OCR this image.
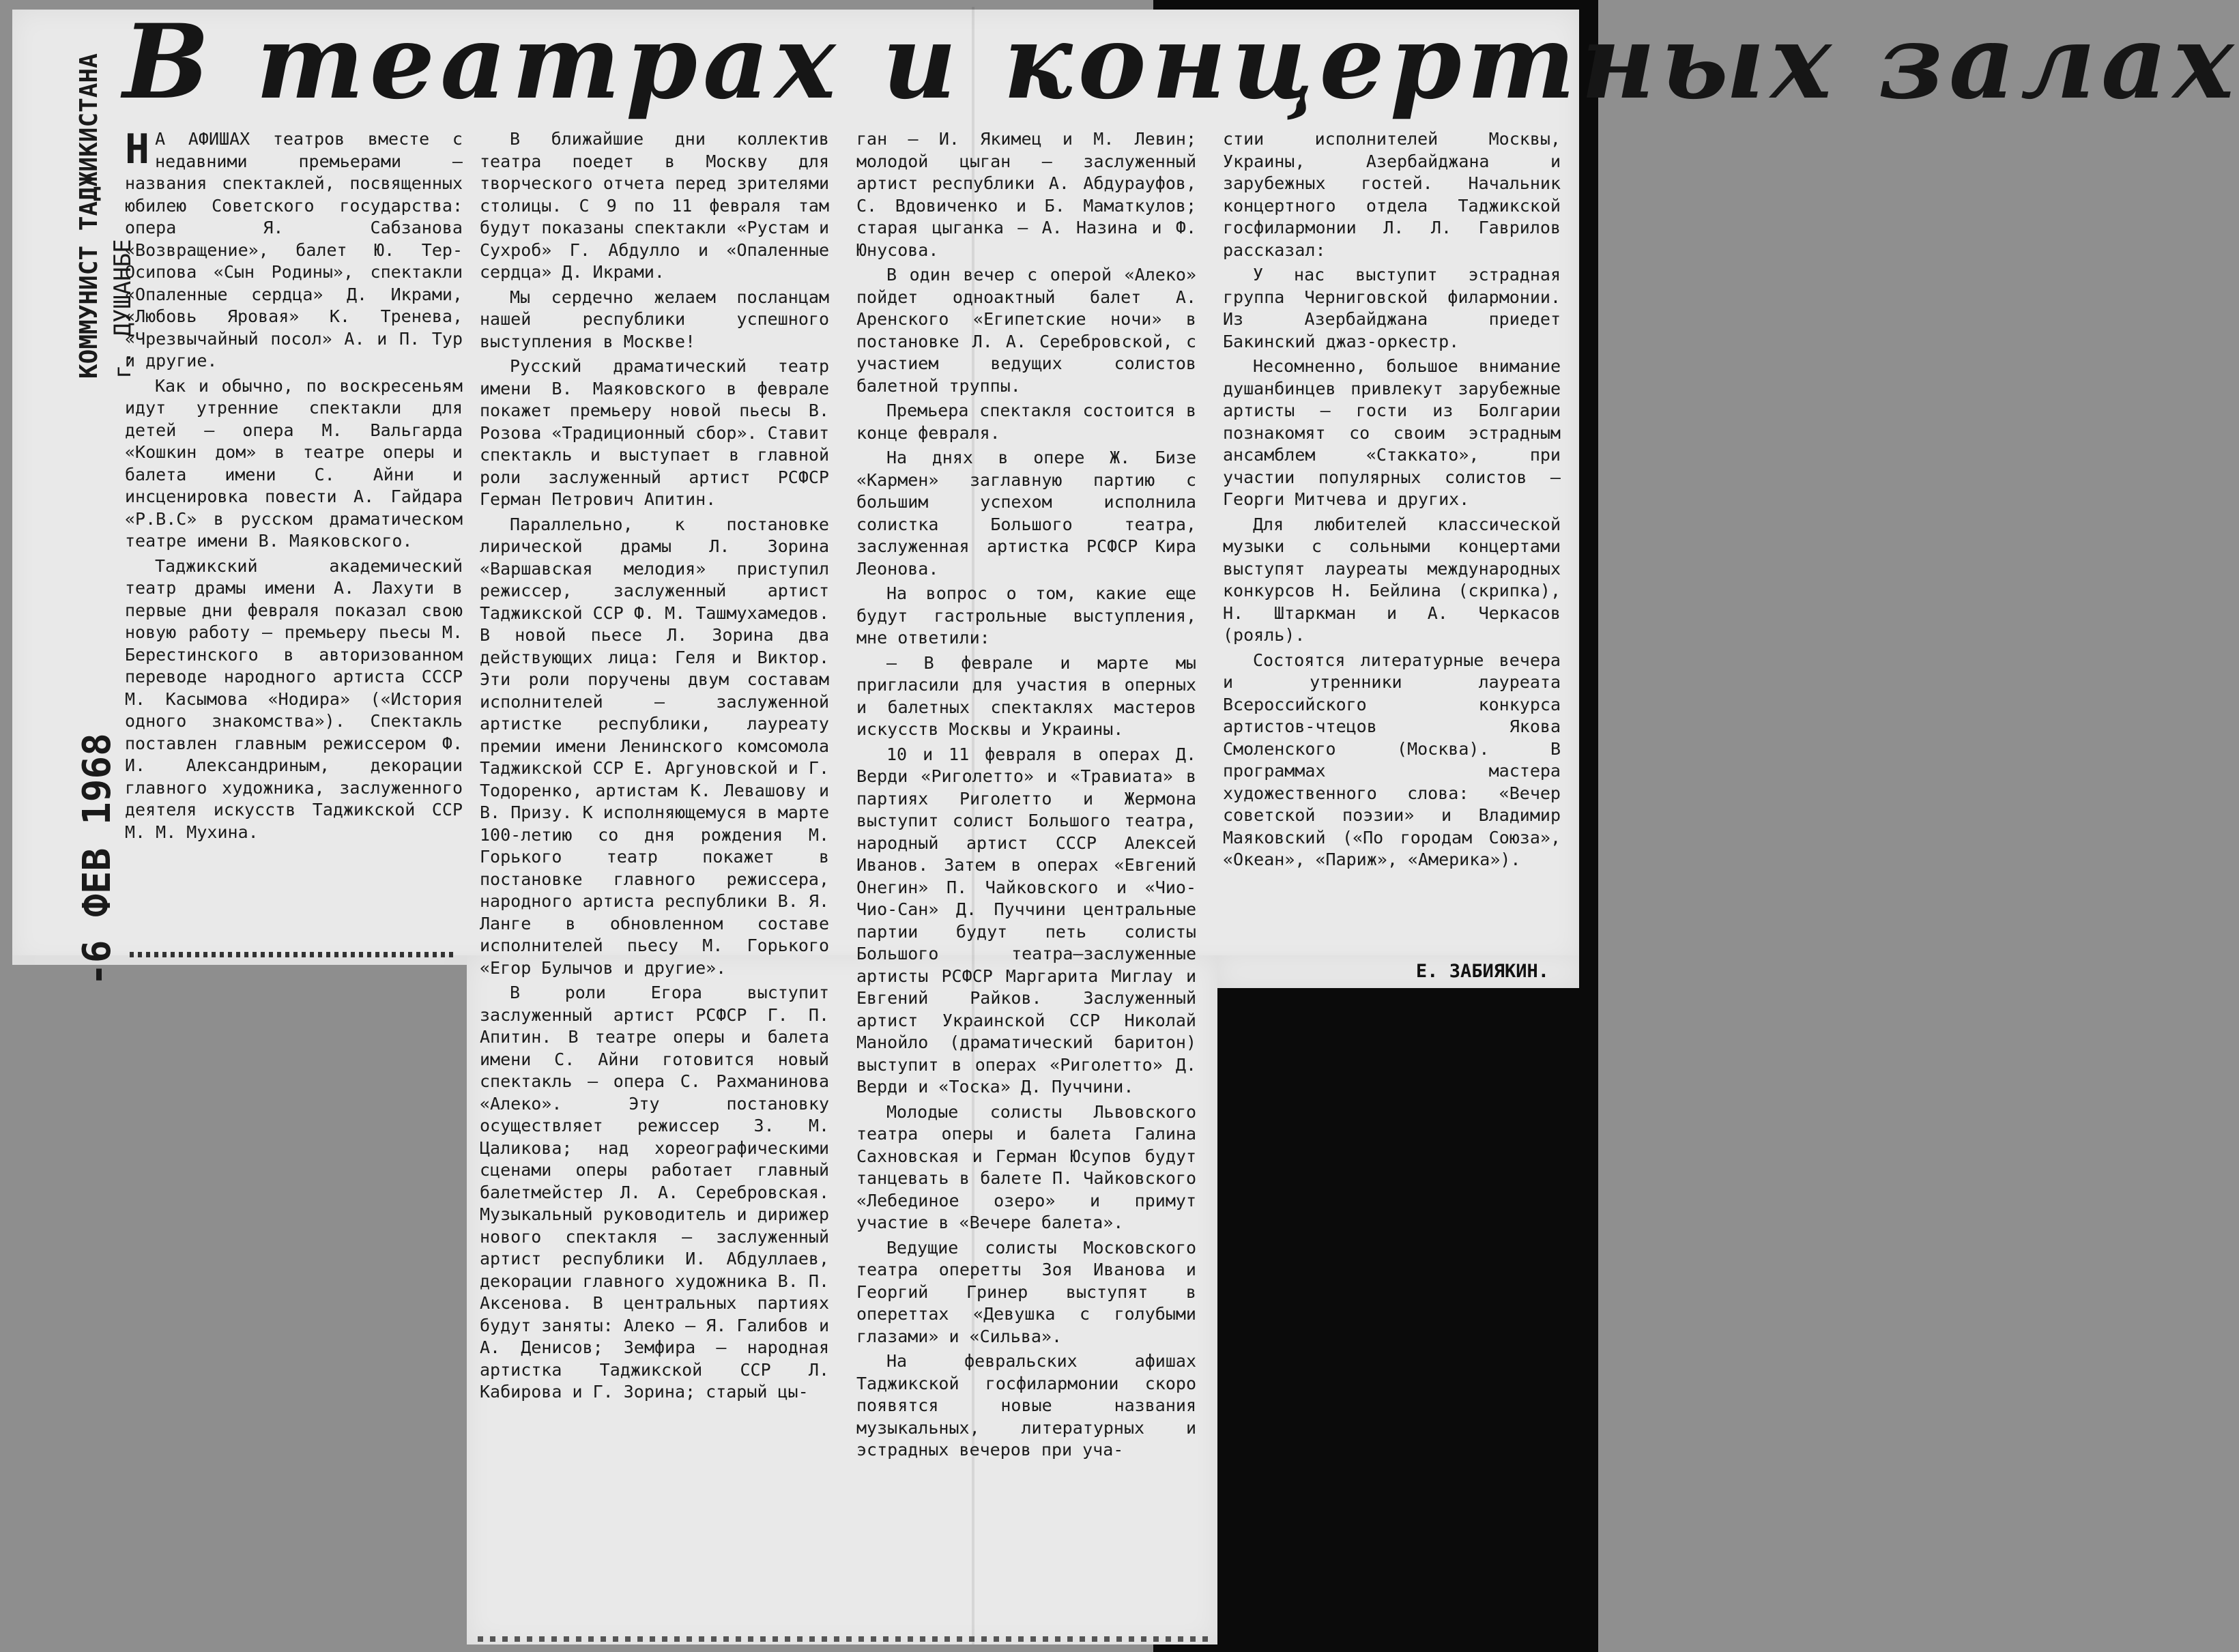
В театрах и концертных залах
КОММУНИСТ ТАДЖИКИСТАНА г. ДУШАНБЕ
-6 ФЕВ 1968

Н А АФИШАХ театров вместе с недавними премьерами — названия спектаклей, посвященных юбилею Советского государства: опера Я. Сабзанова «Возвращение», балет Ю. Тер-Осипова «Сын Родины», спектакли «Опаленные сердца» Д. Икрами, «Любовь Яровая» К. Тренева, «Чрезвычайный посол» А. и П. Тур и другие.

Как и обычно, по воскресеньям идут утренние спектакли для детей — опера М. Вальгарда «Кошкин дом» в театре оперы и балета имени С. Айни и инсценировка повести А. Гайдара «Р.В.С» в русском драматическом театре имени В. Маяковского.

Таджикский академический театр драмы имени А. Лахути в первые дни февраля показал свою новую работу — премьеру пьесы М. Берестинского в авторизованном переводе народного артиста СССР М. Касымова «Нодира» («История одного знакомства»). Спектакль поставлен главным режиссером Ф. И. Александриным, декорации главного художника, заслуженного деятеля искусств Таджикской ССР М. М. Мухина.

В ближайшие дни коллектив театра поедет в Москву для творческого отчета перед зрителями столицы. С 9 по 11 февраля там будут показаны спектакли «Рустам и Сухроб» Г. Абдулло и «Опаленные сердца» Д. Икрами.

Мы сердечно желаем посланцам нашей республики успешного выступления в Москве!

Русский драматический театр имени В. Маяковского в феврале покажет премьеру новой пьесы В. Розова «Традиционный сбор». Ставит спектакль и выступает в главной роли заслуженный артист РСФСР Герман Петрович Апитин.

Параллельно, к постановке лирической драмы Л. Зорина «Варшавская мелодия» приступил режиссер, заслуженный артист Таджикской ССР Ф. М. Ташмухамедов. В новой пьесе Л. Зорина два действующих лица: Геля и Виктор. Эти роли поручены двум составам исполнителей — заслуженной артистке республики, лауреату премии имени Ленинского комсомола Таджикской ССР Е. Аргуновской и Г. Тодоренко, артистам К. Левашову и В. Призу. К исполняющемуся в марте 100-летию со дня рождения М. Горького театр покажет в постановке главного режиссера, народного артиста республики В. Я. Ланге в обновленном составе исполнителей пьесу М. Горького «Егор Булычов и другие».

В роли Егора выступит заслуженный артист РСФСР Г. П. Апитин. В театре оперы и балета имени С. Айни готовится новый спектакль — опера С. Рахманинова «Алеко». Эту постановку осуществляет режиссер З. М. Цаликова; над хореографическими сценами оперы работает главный балетмейстер Л. А. Серебровская. Музыкальный руководитель и дирижер нового спектакля — заслуженный артист республики И. Абдуллаев, декорации главного художника В. П. Аксенова. В центральных партиях будут заняты: Алеко — Я. Галибов и А. Денисов; Земфира — народная артистка Таджикской ССР Л. Кабирова и Г. Зорина; старый цы-

ган — И. Якимец и М. Левин; молодой цыган — заслуженный артист республики А. Абдурауфов, С. Вдовиченко и Б. Маматкулов; старая цыганка — А. Назина и Ф. Юнусова.

В один вечер с оперой «Алеко» пойдет одноактный балет А. Аренского «Египетские ночи» в постановке Л. А. Серебровской, с участием ведущих солистов балетной труппы.

Премьера спектакля состоится в конце февраля.

На днях в опере Ж. Бизе «Кармен» заглавную партию с большим успехом исполнила солистка Большого театра, заслуженная артистка РСФСР Кира Леонова.

На вопрос о том, какие еще будут гастрольные выступления, мне ответили:

— В феврале и марте мы пригласили для участия в оперных и балетных спектаклях мастеров искусств Москвы и Украины.

10 и 11 февраля в операх Д. Верди «Риголетто» и «Травиата» в партиях Риголетто и Жермона выступит солист Большого театра, народный артист СССР Алексей Иванов. Затем в операх «Евгений Онегин» П. Чайковского и «Чио-Чио-Сан» Д. Пуччини центральные партии будут петь солисты Большого театра—заслуженные артисты РСФСР Маргарита Миглау и Евгений Райков. Заслуженный артист Украинской ССР Николай Манойло (драматический баритон) выступит в операх «Риголетто» Д. Верди и «Тоска» Д. Пуччини.

Молодые солисты Львовского театра оперы и балета Галина Сахновская и Герман Юсупов будут танцевать в балете П. Чайковского «Лебединое озеро» и примут участие в «Вечере балета».

Ведущие солисты Московского театра оперетты Зоя Иванова и Георгий Гринер выступят в опереттах «Девушка с голубыми глазами» и «Сильва».

На февральских афишах Таджикской госфилармонии скоро появятся новые названия музыкальных, литературных и эстрадных вечеров при уча-

стии исполнителей Москвы, Украины, Азербайджана и зарубежных гостей. Начальник концертного отдела Таджикской госфилармонии Л. Л. Гаврилов рассказал:

У нас выступит эстрадная группа Черниговской филармонии. Из Азербайджана приедет Бакинский джаз-оркестр.

Несомненно, большое внимание душанбинцев привлекут зарубежные артисты — гости из Болгарии познакомят со своим эстрадным ансамблем «Стаккато», при участии популярных солистов — Георги Митчева и других.

Для любителей классической музыки с сольными концертами выступят лауреаты международных конкурсов Н. Бейлина (скрипка), Н. Штаркман и А. Черкасов (рояль).

Состоятся литературные вечера и утренники лауреата Всероссийского конкурса артистов-чтецов Якова Смоленского (Москва). В программах мастера художественного слова: «Вечер советской поэзии» и Владимир Маяковский («По городам Союза», «Океан», «Париж», «Америка»).

Е. ЗАБИЯКИН.
